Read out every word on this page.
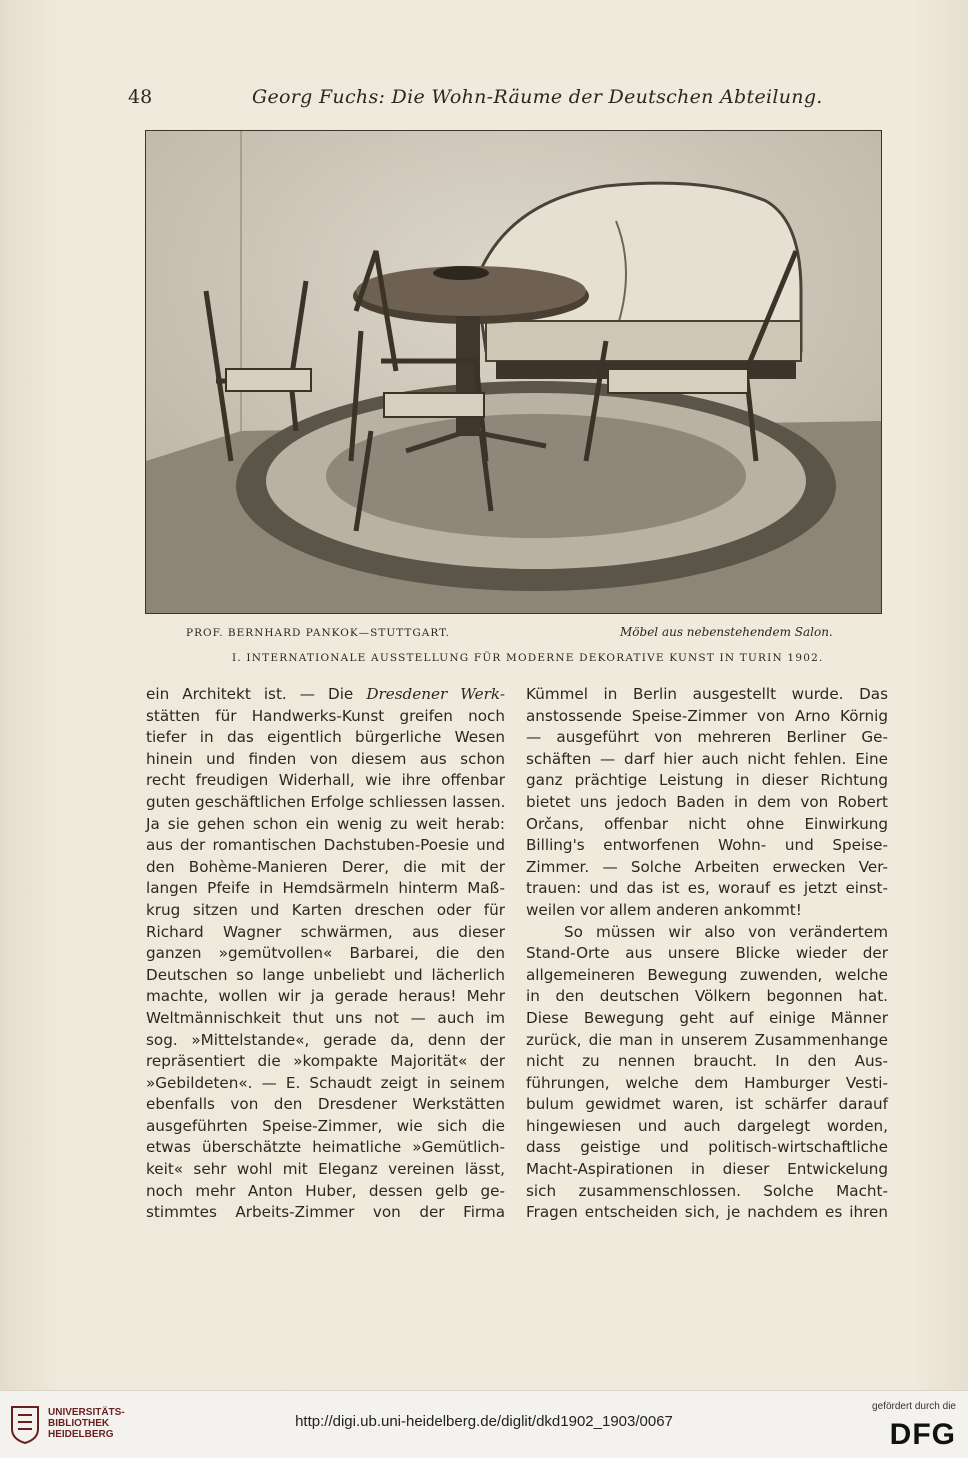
48	Georg Fuchs: Die Wohn-Räume der Deutschen Abteilung.
PROF. BERNHARD PANKOK—STUTTGART.	Möbel aus nebenstehendem Salon.
I. INTERNATIONALE AUSSTELLUNG FÜR MODERNE DEKORATIVE KUNST IN TURIN 1902.
ein Architekt ist. — Die Dresdener Werk-
stätten für Handwerks-Kunst greifen noch
tiefer in das eigentlich bürgerliche Wesen
hinein und finden von diesem aus schon
recht freudigen Widerhall, wie ihre offenbar
guten geschäftlichen Erfolge schliessen lassen.
Ja sie gehen schon ein wenig zu weit herab:
aus der romantischen Dachstuben-Poesie und
den Bohème-Manieren Derer, die mit der
langen Pfeife in Hemdsärmeln hinterm Maß-
krug sitzen und Karten dreschen oder für
Richard Wagner schwärmen, aus dieser
ganzen »gemütvollen« Barbarei, die den
Deutschen so lange unbeliebt und lächerlich
machte, wollen wir ja gerade heraus! Mehr
Weltmännischkeit thut uns not — auch im
sog. »Mittelstande«, gerade da, denn der
repräsentiert die »kompakte Majorität« der
»Gebildeten«. — E. Schaudt zeigt in seinem
ebenfalls von den Dresdener Werkstätten
ausgeführten Speise-Zimmer, wie sich die
etwas überschätzte heimatliche »Gemütlich-
keit« sehr wohl mit Eleganz vereinen lässt,
noch mehr Anton Huber, dessen gelb ge-
stimmtes Arbeits-Zimmer von der Firma
Kümmel in Berlin ausgestellt wurde. Das
anstossende Speise-Zimmer von Arno Körnig
— ausgeführt von mehreren Berliner Ge-
schäften — darf hier auch nicht fehlen. Eine
ganz prächtige Leistung in dieser Richtung
bietet uns jedoch Baden in dem von Robert
Orčans, offenbar nicht ohne Einwirkung
Billing's entworfenen Wohn- und Speise-
Zimmer. — Solche Arbeiten erwecken Ver-
trauen: und das ist es, worauf es jetzt einst-
weilen vor allem anderen ankommt!
So müssen wir also von verändertem
Stand-Orte aus unsere Blicke wieder der
allgemeineren Bewegung zuwenden, welche
in den deutschen Völkern begonnen hat.
Diese Bewegung geht auf einige Männer
zurück, die man in unserem Zusammenhange
nicht zu nennen braucht. In den Aus-
führungen, welche dem Hamburger Vesti-
bulum gewidmet waren, ist schärfer darauf
hingewiesen und auch dargelegt worden,
dass geistige und politisch-wirtschaftliche
Macht-Aspirationen in dieser Entwickelung
sich zusammenschlossen. Solche Macht-
Fragen entscheiden sich, je nachdem es ihren
UNIVERSITÄTS-
BIBLIOTHEK
HEIDELBERG
http://digi.ub.uni-heidelberg.de/diglit/dkd1902_1903/0067
gefördert durch die
DFG
